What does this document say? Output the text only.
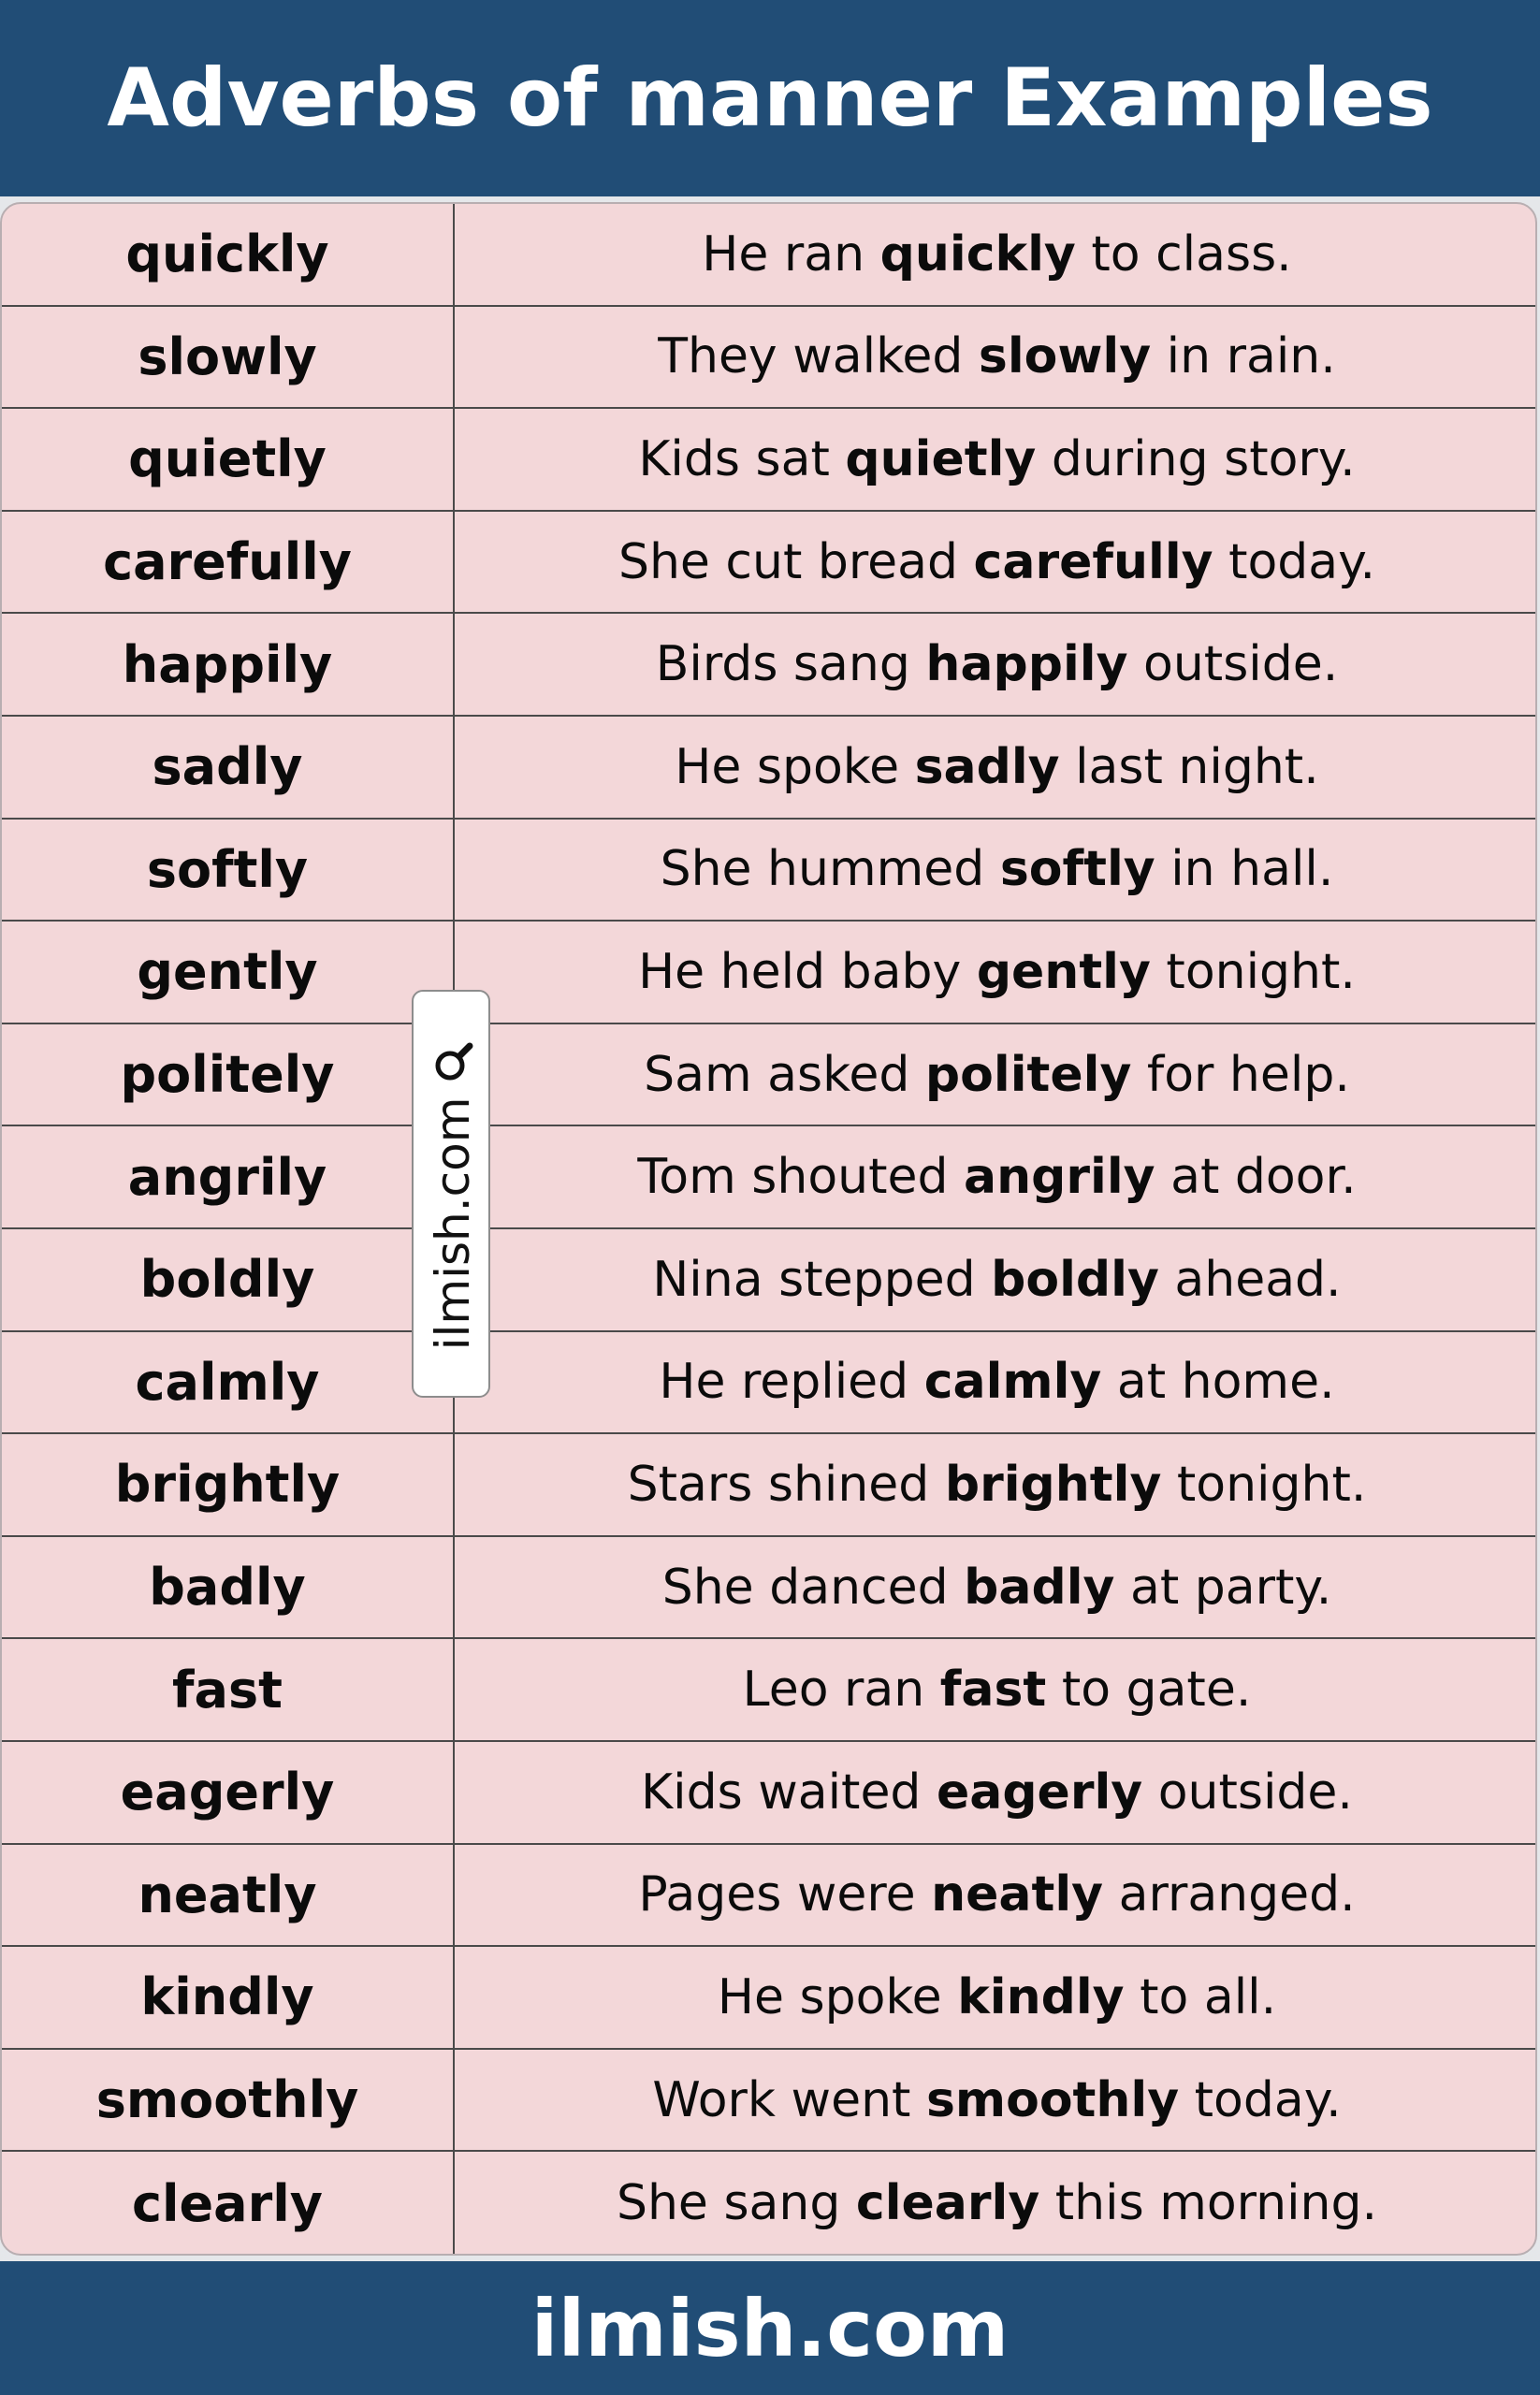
Adverbs of manner Examples
quickly	He ran quickly to class.
slowly	They walked slowly in rain.
quietly	Kids sat quietly during story.
carefully	She cut bread carefully today.
happily	Birds sang happily outside.
sadly	He spoke sadly last night.
softly	She hummed softly in hall.
gently	He held baby gently tonight.
politely	Sam asked politely for help.
angrily	Tom shouted angrily at door.
boldly	Nina stepped boldly ahead.
calmly	He replied calmly at home.
brightly	Stars shined brightly tonight.
badly	She danced badly at party.
fast	Leo ran fast to gate.
eagerly	Kids waited eagerly outside.
neatly	Pages were neatly arranged.
kindly	He spoke kindly to all.
smoothly	Work went smoothly today.
clearly	She sang clearly this morning.
ilmish.com
ilmish.com
